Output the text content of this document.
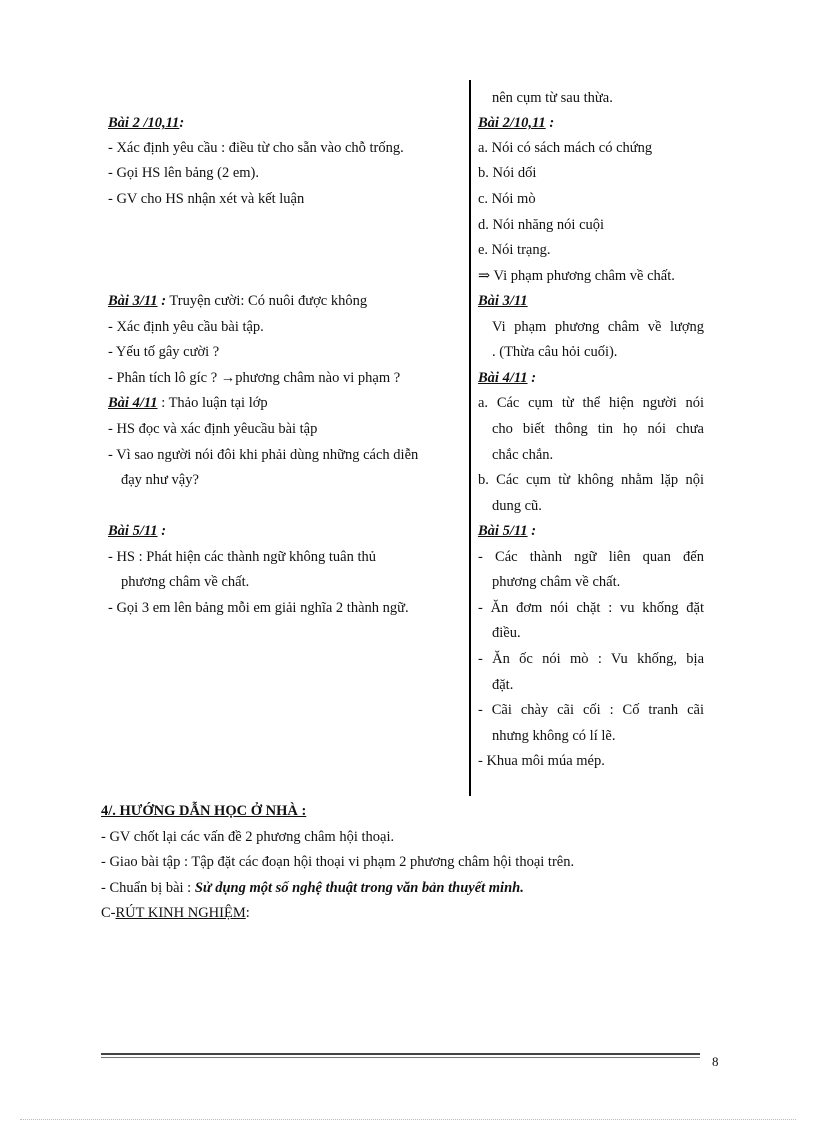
Bài 2 /10,11:
- Xác định yêu cầu : điều từ cho sẵn vào chỗ trống.
- Gọi HS lên bảng (2 em).
- GV cho HS nhận xét và kết luận
Bài 3/11 : Truyện cười: Có nuôi được không
- Xác định yêu cầu bài tập.
- Yếu tố gây cười ?
- Phân tích lô gíc ? →phương châm nào vi phạm ?
Bài 4/11 : Thảo luận tại lớp
- HS đọc và xác định yêucầu bài tập
- Vì sao người nói đôi khi phải dùng những cách diễn
đạy như vậy?
Bài 5/11 :
- HS : Phát hiện các thành ngữ không tuân thủ
phương châm về chất.
- Gọi 3 em lên bảng mỗi em giải nghĩa 2 thành ngữ.
nên cụm từ sau thừa.
Bài 2/10,11 :
a. Nói có sách mách có chứng
b. Nói dối
c. Nói mò
d. Nói nhăng nói cuội
e. Nói trạng.
⇒ Vi phạm phương châm về chất.
Bài 3/11
Vi phạm phương châm về lượng
. (Thừa câu hỏi cuối).
Bài 4/11 :
a. Các cụm từ thể hiện người nói
cho biết thông tin họ nói chưa
chắc chắn.
b. Các cụm từ không nhằm lặp nội
dung cũ.
Bài 5/11 :
- Các thành ngữ liên quan đến
phương châm về chất.
- Ăn đơm nói chặt : vu khống đặt
điều.
- Ăn ốc nói mò : Vu khống, bịa
đặt.
- Cãi chày cãi cối : Cố tranh cãi
nhưng không có lí lẽ.
- Khua môi múa mép.
4/. HƯỚNG DẪN HỌC Ở NHÀ :
- GV chốt lại các vấn đề 2 phương châm hội thoại.
- Giao bài tập : Tập đặt các đoạn hội thoại vi phạm 2 phương châm hội thoại trên.
- Chuẩn bị bài : Sử dụng một số nghệ thuật trong văn bản thuyết minh.
C-RÚT KINH NGHIỆM:
8
